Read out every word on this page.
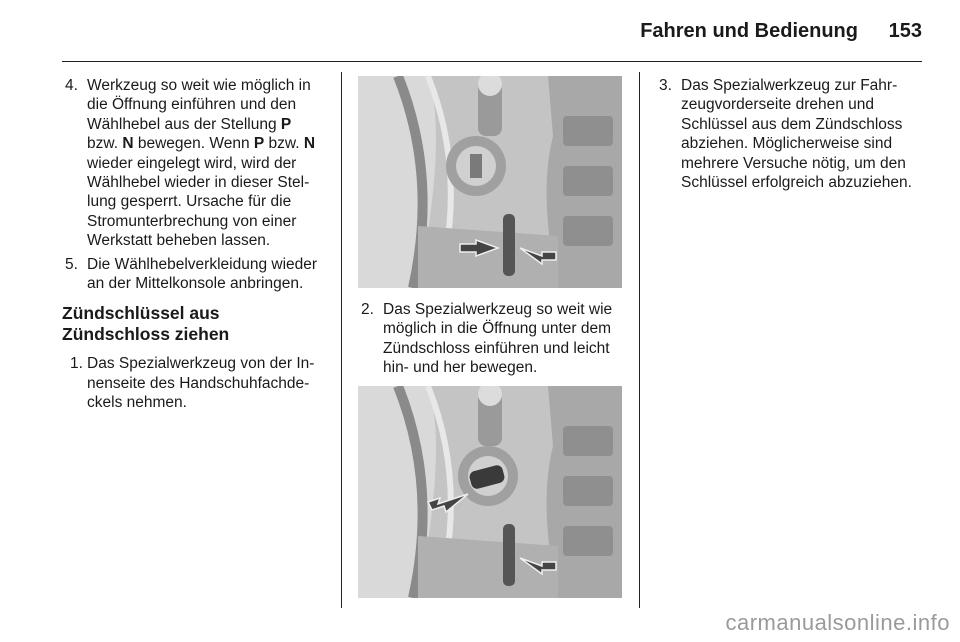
Fahren und Bedienung 153
4. Werkzeug so weit wie möglich in die Öffnung einführen und den Wählhebel aus der Stellung P bzw. N bewegen. Wenn P bzw. N wieder eingelegt wird, wird der Wählhebel wieder in dieser Stellung gesperrt. Ursache für die Stromunterbrechung von einer Werkstatt beheben lassen.
5. Die Wählhebelverkleidung wieder an der Mittelkonsole anbringen.
Zündschlüssel aus Zündschloss ziehen
1. Das Spezialwerkzeug von der Innenseite des Handschuhfachdeckels nehmen.
2. Das Spezialwerkzeug so weit wie möglich in die Öffnung unter dem Zündschloss einführen und leicht hin- und her bewegen.
3. Das Spezialwerkzeug zur Fahrzeugvorderseite drehen und Schlüssel aus dem Zündschloss abziehen. Möglicherweise sind mehrere Versuche nötig, um den Schlüssel erfolgreich abzuziehen.
carmanualsonline.info
